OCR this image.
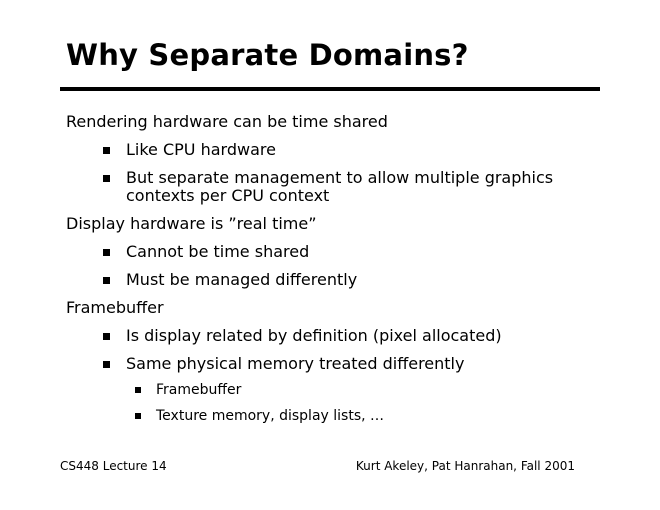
Why Separate Domains?
Rendering hardware can be time shared
Like CPU hardware
But separate management to allow multiple graphics
contexts per CPU context
Display hardware is ”real time”
Cannot be time shared
Must be managed differently
Framebuffer
Is display related by definition (pixel allocated)
Same physical memory treated differently
Framebuffer
Texture memory, display lists, …
CS448 Lecture 14	Kurt Akeley, Pat Hanrahan, Fall 2001
